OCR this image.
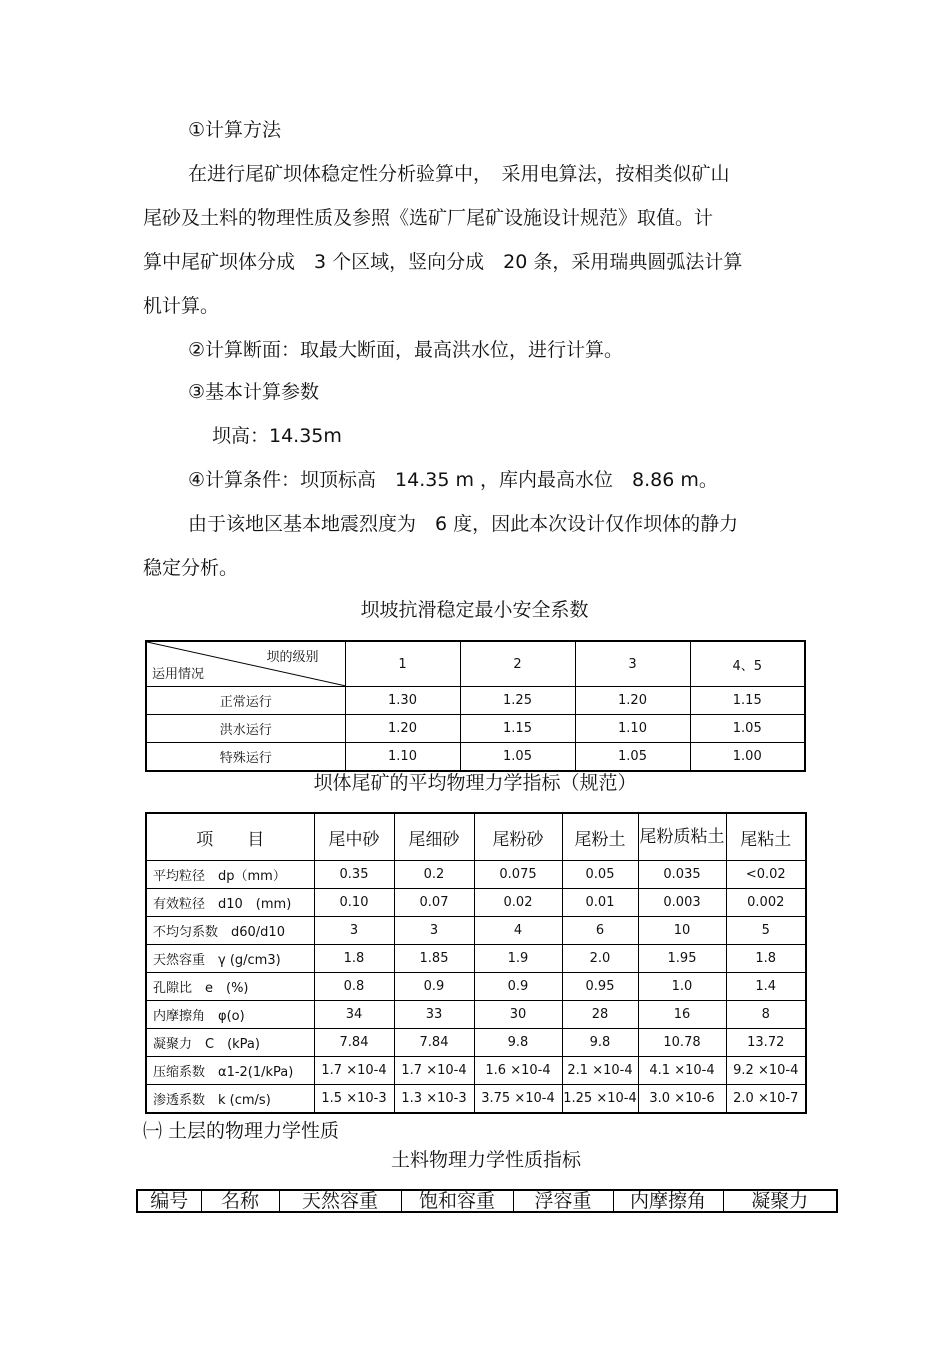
①计算方法
在进行尾矿坝体稳定性分析验算中，　采用电算法，按相类似矿山
尾砂及土料的物理性质及参照《选矿厂尾矿设施设计规范》取值。计
算中尾矿坝体分成　3 个区域，竖向分成　20 条，采用瑞典圆弧法计算
机计算。
②计算断面：取最大断面，最高洪水位，进行计算。
③基本计算参数
坝高：14.35m
④计算条件：坝顶标高　14.35 m ，库内最高水位　8.86 m。
由于该地区基本地震烈度为　6 度，因此本次设计仅作坝体的静力
稳定分析。
坝坡抗滑稳定最小安全系数
坝的级别
运用情况	1	2	3	4、5
正常运行	1.30	1.25	1.20	1.15
洪水运行	1.20	1.15	1.10	1.05
特殊运行	1.10	1.05	1.05	1.00
坝体尾矿的平均物理力学指标（规范）
项　　目	尾中砂	尾细砂	尾粉砂	尾粉土	尾粉质粘土	尾粘土
平均粒径　dp（mm）	0.35	0.2	0.075	0.05	0.035	<0.02
有效粒径　d10　(mm)	0.10	0.07	0.02	0.01	0.003	0.002
不均匀系数　d60/d10	3	3	4	6	10	5
天然容重　γ (g/cm3)	1.8	1.85	1.9	2.0	1.95	1.8
孔隙比　e　(%)	0.8	0.9	0.9	0.95	1.0	1.4
内摩擦角　φ(o)	34	33	30	28	16	8
凝聚力　C　(kPa)	7.84	7.84	9.8	9.8	10.78	13.72
压缩系数　α1-2(1/kPa)	1.7 ×10-4	1.7 ×10-4	1.6 ×10-4	2.1 ×10-4	4.1 ×10-4	9.2 ×10-4
渗透系数　k (cm/s)	1.5 ×10-3	1.3 ×10-3	3.75 ×10-4	1.25 ×10-4	3.0 ×10-6	2.0 ×10-7
㈠ 土层的物理力学性质
土料物理力学性质指标
编号	名称	天然容重	饱和容重	浮容重	内摩擦角	凝聚力
